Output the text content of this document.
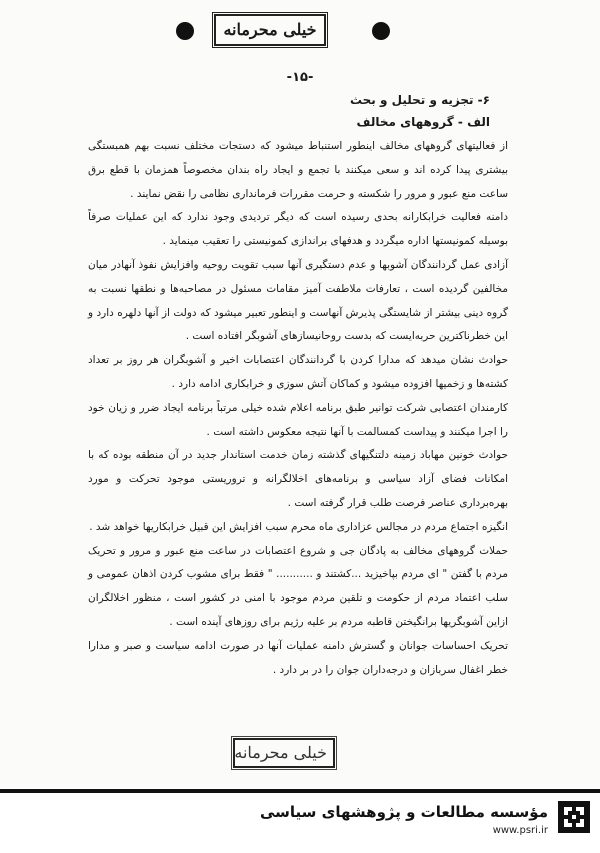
خیلی محرمانه
-۱۵-
۶- تجزیه و تحلیل و بحث
الف - گروههای مخالف

از فعالیتهای گروههای مخالف اینطور استنباط میشود که دستجات مختلف نسبت بهم همبستگی بیشتری پیدا کرده اند و سعی میکنند با تجمع و ایجاد راه بندان مخصوصاً همزمان با قطع برق ساعت منع عبور و مرور را شکسته و حرمت مقررات فرمانداری نظامی را نقض نمایند .

دامنه فعالیت خرابکارانه بحدی رسیده است که دیگر تردیدی وجود ندارد که این عملیات صرفاً بوسیله کمونیستها اداره میگردد و هدفهای براندازی کمونیستی را تعقیب مینماید .

آزادی عمل گردانندگان آشوبها و عدم دستگیری آنها سبب تقویت روحیه وافزایش نفوذ آنهادر میان مخالفین گردیده است ، تعارفات ملاطفت آمیز مقامات مسئول در مصاحبه‌ها و نطقها نسبت به گروه دینی بیشتر از شایستگی پذیرش آنهاست و اینطور تعبیر میشود که دولت از آنها دلهره دارد و این خطرناکترین حربه‌ایست که بدست روحانیسازهای آشوبگر افتاده است .

حوادث نشان میدهد که مدارا کردن با گردانندگان اعتصابات اخیر و آشوبگران هر روز بر تعداد کشته‌ها و زخمیها افزوده میشود و کماکان آتش سوزی و خرابکاری ادامه دارد .

کارمندان اعتصابی شرکت توانیر طبق برنامه اعلام شده خیلی مرتباً برنامه ایجاد ضرر و زیان خود را اجرا میکنند و پیداست کمسالمت با آنها نتیجه معکوس داشته است .

حوادث خونین مهاباد زمینه دلتنگیهای گذشته زمان خدمت استاندار جدید در آن منطقه بوده که با امکانات فضای آزاد سیاسی و برنامه‌های اخلالگرانه و تروریستی موجود تحرکت و مورد بهره‌برداری عناصر فرصت طلب قرار گرفته است .

انگیزه اجتماع مردم در مجالس عزاداری ماه محرم سبب افزایش این قبیل خرابکاریها خواهد شد .

حملات گروههای مخالف به پادگان جی و شروع اعتصابات در ساعت منع عبور و مرور و تحریک مردم با گفتن " ای مردم بپاخیزید ...کشتند و ........... " فقط برای مشوب کردن اذهان عمومی و سلب اعتماد مردم از حکومت و تلقین مردم موجود با امنی در کشور است ، منظور اخلالگران ازاین آشوبگریها برانگیختن قاطبه مردم بر علیه رژیم برای روزهای آینده است .

تحریک احساسات جوانان و گسترش دامنه عملیات آنها در صورت ادامه سیاست و صبر و مدارا خطر اغفال سربازان و درجه‌داران جوان را در بر دارد .

خیلی محرمانه
مؤسسه مطالعات و پژوهشهای سیاسی
www.psri.ir
